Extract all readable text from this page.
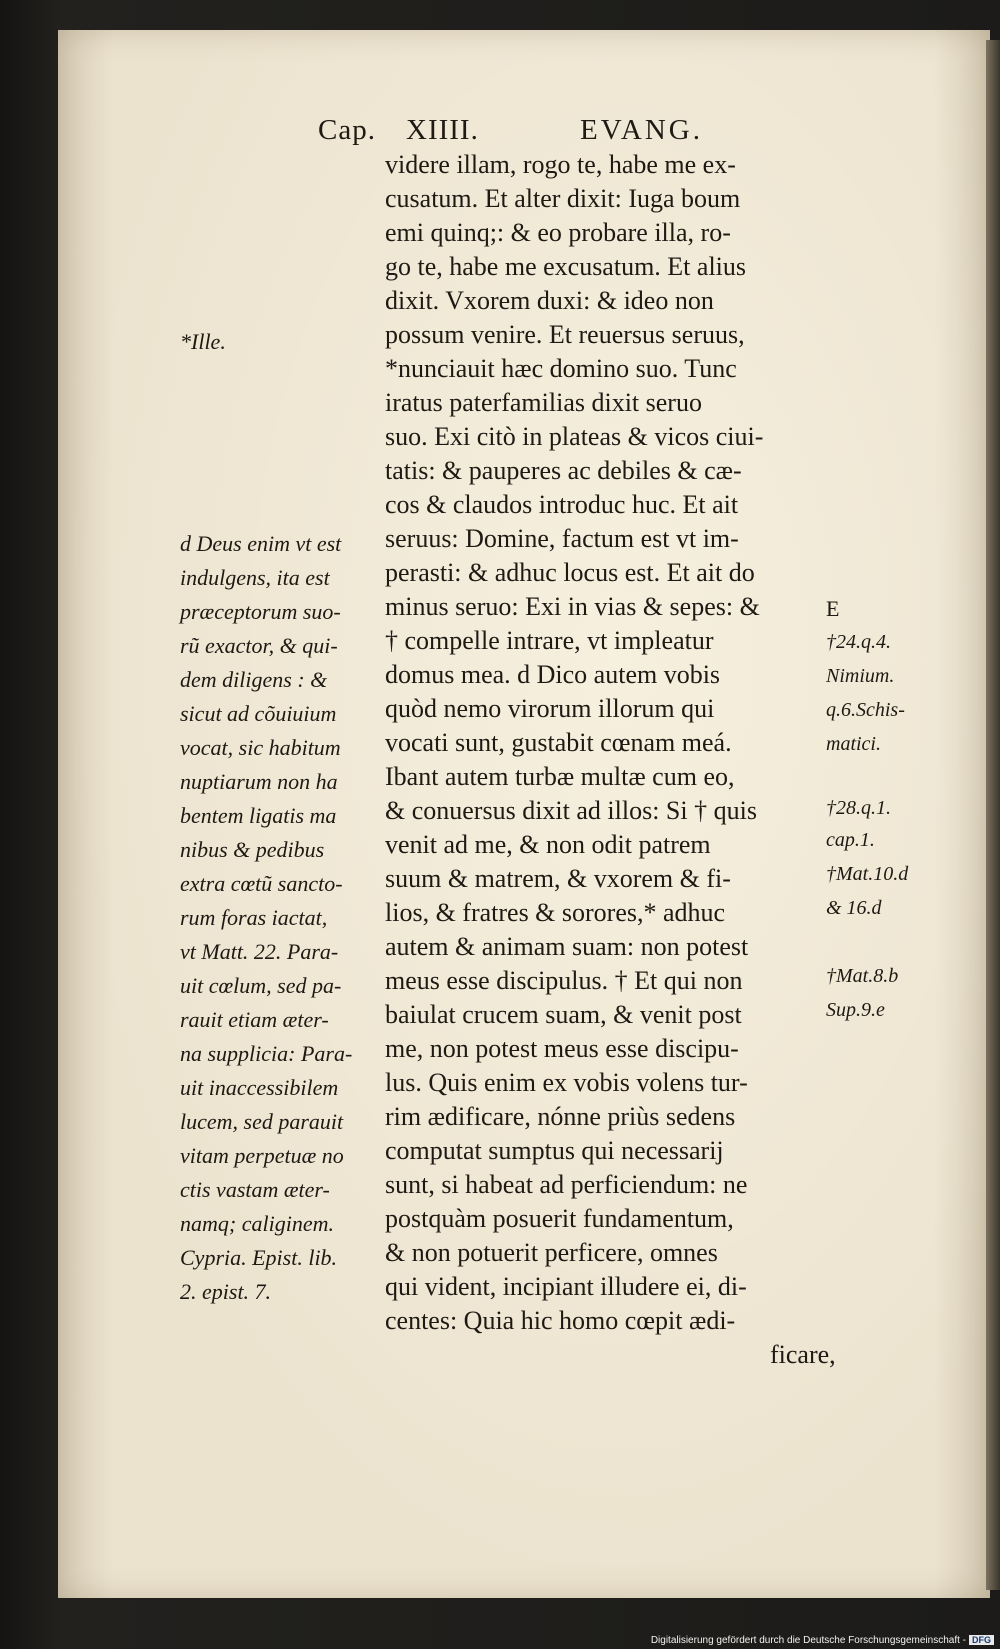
Cap. XIIII.	EVANG.
videre illam, rogo te, habe me ex-
cusatum. Et alter dixit: Iuga boum
emi quinq;: & eo probare illa, ro-
go te, habe me excusatum. Et alius
dixit. Vxorem duxi: & ideo non
possum venire. Et reuersus seruus,
*nunciauit hæc domino suo. Tunc
iratus paterfamilias dixit seruo
suo. Exi citò in plateas & vicos ciui-
tatis: & pauperes ac debiles & cæ-
cos & claudos introduc huc. Et ait
seruus: Domine, factum est vt im-
perasti: & adhuc locus est. Et ait do
minus seruo: Exi in vias & sepes: &
† compelle intrare, vt impleatur
domus mea. d Dico autem vobis
quòd nemo virorum illorum qui
vocati sunt, gustabit cœnam meá.
Ibant autem turbæ multæ cum eo,
& conuersus dixit ad illos: Si † quis
venit ad me, & non odit patrem
suum & matrem, & vxorem & fi-
lios, & fratres & sorores,* adhuc
autem & animam suam: non potest
meus esse discipulus. † Et qui non
baiulat crucem suam, & venit post
me, non potest meus esse discipu-
lus. Quis enim ex vobis volens tur-
rim ædificare, nónne priùs sedens
computat sumptus qui necessarij
sunt, si habeat ad perficiendum: ne
postquàm posuerit fundamentum,
& non potuerit perficere, omnes
qui vident, incipiant illudere ei, di-
centes: Quia hic homo cœpit ædi-
ficare,
*Ille.
d Deus enim vt est
indulgens, ita est
præceptorum suo-
rũ exactor, & qui-
dem diligens : &
sicut ad cõuiuium
vocat, sic habitum
nuptiarum non ha
bentem ligatis ma
nibus & pedibus
extra cœtũ sancto-
rum foras iactat,
vt Matt. 22. Para-
uit cœlum, sed pa-
rauit etiam æter-
na supplicia: Para-
uit inaccessibilem
lucem, sed parauit
vitam perpetuæ no
ctis vastam æter-
namq; caliginem.
Cypria. Epist. lib.
2. epist. 7.
E
†24.q.4.
Nimium.
q.6.Schis-
matici.
†28.q.1.
cap.1.
†Mat.10.d
& 16.d
†Mat.8.b
Sup.9.e
Digitalisierung gefördert durch die Deutsche Forschungsgemeinschaft - DFG
